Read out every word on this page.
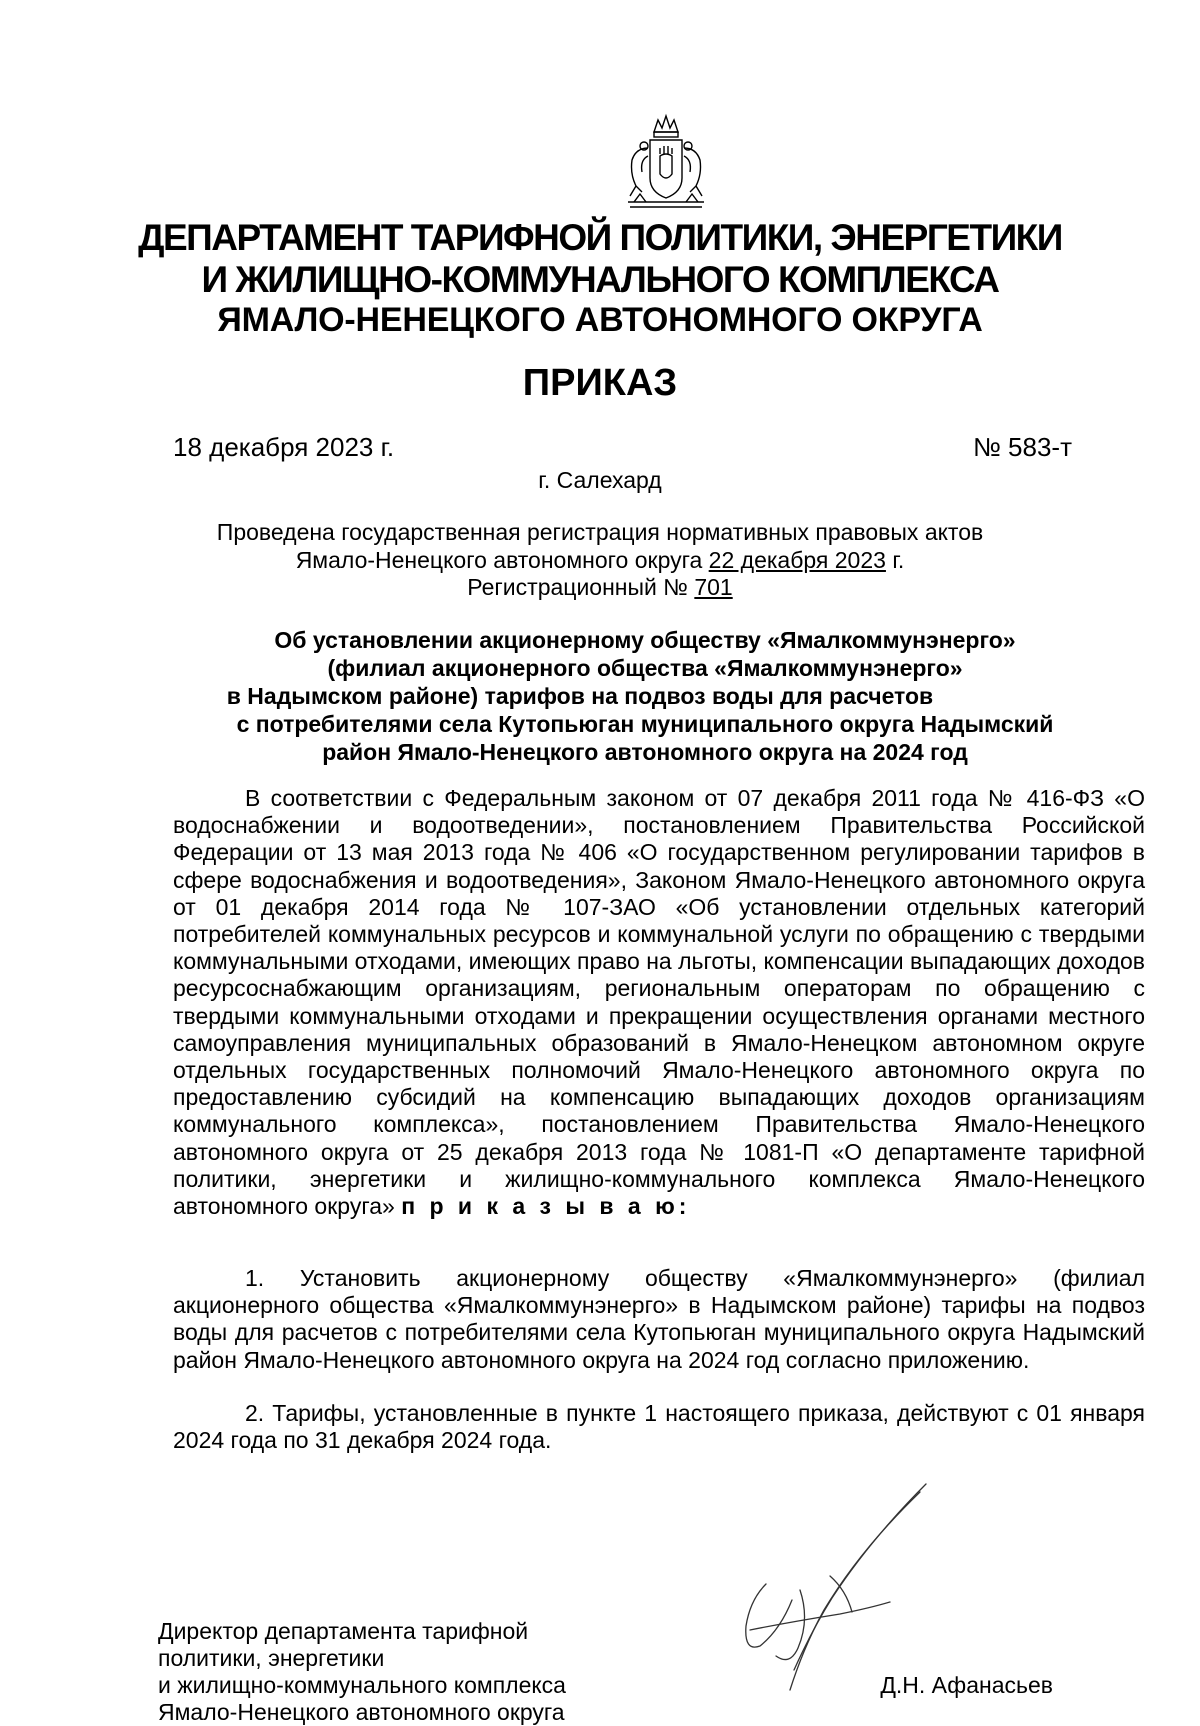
ДЕПАРТАМЕНТ ТАРИФНОЙ ПОЛИТИКИ, ЭНЕРГЕТИКИ
И ЖИЛИЩНО-КОММУНАЛЬНОГО КОМПЛЕКСА
ЯМАЛО-НЕНЕЦКОГО АВТОНОМНОГО ОКРУГА
ПРИКАЗ
18 декабря 2023 г.	№ 583-т
г. Салехард
Проведена государственная регистрация нормативных правовых актов
Ямало-Ненецкого автономного округа 22 декабря 2023 г.
Регистрационный № 701
Об установлении акционерному обществу «Ямалкоммунэнерго»
(филиал акционерного общества «Ямалкоммунэнерго»
в Надымском районе) тарифов на подвоз воды для расчетов
с потребителями села Кутопьюган муниципального округа Надымский
район Ямало-Ненецкого автономного округа на 2024 год
В соответствии с Федеральным законом от 07 декабря 2011 года № 416-ФЗ «О водоснабжении и водоотведении», постановлением Правительства Российской Федерации от 13 мая 2013 года № 406 «О государственном регулировании тарифов в сфере водоснабжения и водоотведения», Законом Ямало-Ненецкого автономного округа от 01 декабря 2014 года № 107-ЗАО «Об установлении отдельных категорий потребителей коммунальных ресурсов и коммунальной услуги по обращению с твердыми коммунальными отходами, имеющих право на льготы, компенсации выпадающих доходов ресурсоснабжающим организациям, региональным операторам по обращению с твердыми коммунальными отходами и прекращении осуществления органами местного самоуправления муниципальных образований в Ямало-Ненецком автономном округе отдельных государственных полномочий Ямало-Ненецкого автономного округа по предоставлению субсидий на компенсацию выпадающих доходов организациям коммунального комплекса», постановлением Правительства Ямало-Ненецкого автономного округа от 25 декабря 2013 года № 1081-П «О департаменте тарифной политики, энергетики и жилищно-коммунального комплекса Ямало-Ненецкого автономного округа» п р и к а з ы в а ю:
1. Установить акционерному обществу «Ямалкоммунэнерго» (филиал акционерного общества «Ямалкоммунэнерго» в Надымском районе) тарифы на подвоз воды для расчетов с потребителями села Кутопьюган муниципального округа Надымский район Ямало-Ненецкого автономного округа на 2024 год согласно приложению.
2. Тарифы, установленные в пункте 1 настоящего приказа, действуют с 01 января 2024 года по 31 декабря 2024 года.
Директор департамента тарифной
политики, энергетики
и жилищно-коммунального комплекса
Ямало-Ненецкого автономного округа
Д.Н. Афанасьев
